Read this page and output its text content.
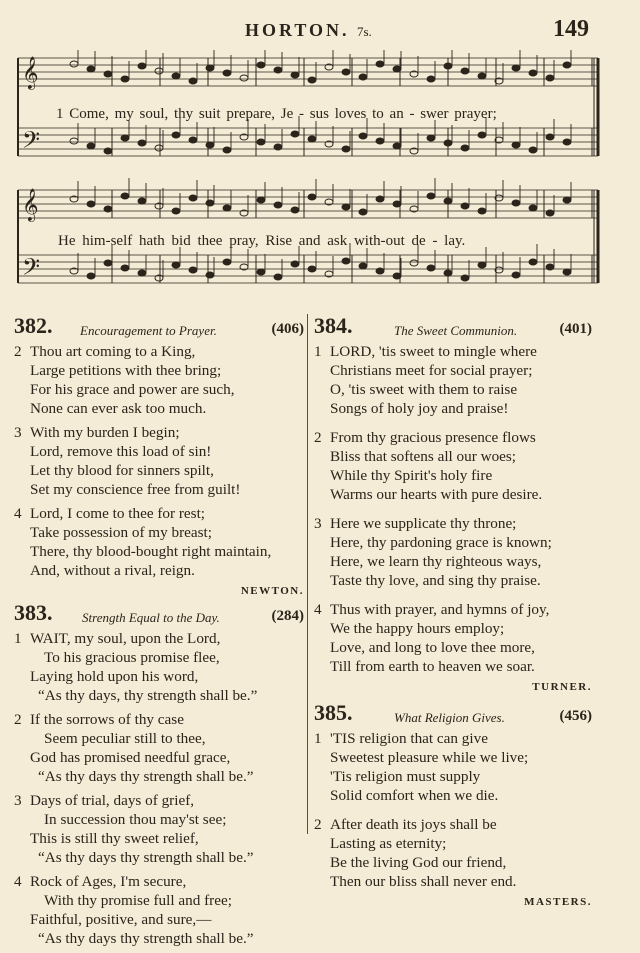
HORTON. 7s.	149
𝄞
𝄢
𝄞
𝄢
1 Come, my soul, thy suit prepare, Je - sus loves to an - swer prayer;
He him-self hath bid thee pray, Rise and ask with-out de - lay.
382. Encouragement to Prayer.	(406)
2 Thou art coming to a King,
Large petitions with thee bring;
For his grace and power are such,
None can ever ask too much.
3 With my burden I begin;
Lord, remove this load of sin!
Let thy blood for sinners spilt,
Set my conscience free from guilt!
4 Lord, I come to thee for rest;
Take possession of my breast;
There, thy blood-bought right maintain,
And, without a rival, reign.
NEWTON.
383. Strength Equal to the Day.	(284)
1 WAIT, my soul, upon the Lord,
To his gracious promise flee,
Laying hold upon his word,
“As thy days, thy strength shall be.”
2 If the sorrows of thy case
Seem peculiar still to thee,
God has promised needful grace,
“As thy days thy strength shall be.”
3 Days of trial, days of grief,
In succession thou may'st see;
This is still thy sweet relief,
“As thy days thy strength shall be.”
4 Rock of Ages, I'm secure,
With thy promise full and free;
Faithful, positive, and sure,—
“As thy days thy strength shall be.”
384.	The Sweet Communion.	(401)
1 LORD, 'tis sweet to mingle where
Christians meet for social prayer;
O, 'tis sweet with them to raise
Songs of holy joy and praise!
2 From thy gracious presence flows
Bliss that softens all our woes;
While thy Spirit's holy fire
Warms our hearts with pure desire.
3 Here we supplicate thy throne;
Here, thy pardoning grace is known;
Here, we learn thy righteous ways,
Taste thy love, and sing thy praise.
4 Thus with prayer, and hymns of joy,
We the happy hours employ;
Love, and long to love thee more,
Till from earth to heaven we soar.
TURNER.
385.	What Religion Gives.	(456)
1 'TIS religion that can give
Sweetest pleasure while we live;
'Tis religion must supply
Solid comfort when we die.
2 After death its joys shall be
Lasting as eternity;
Be the living God our friend,
Then our bliss shall never end.
MASTERS.
